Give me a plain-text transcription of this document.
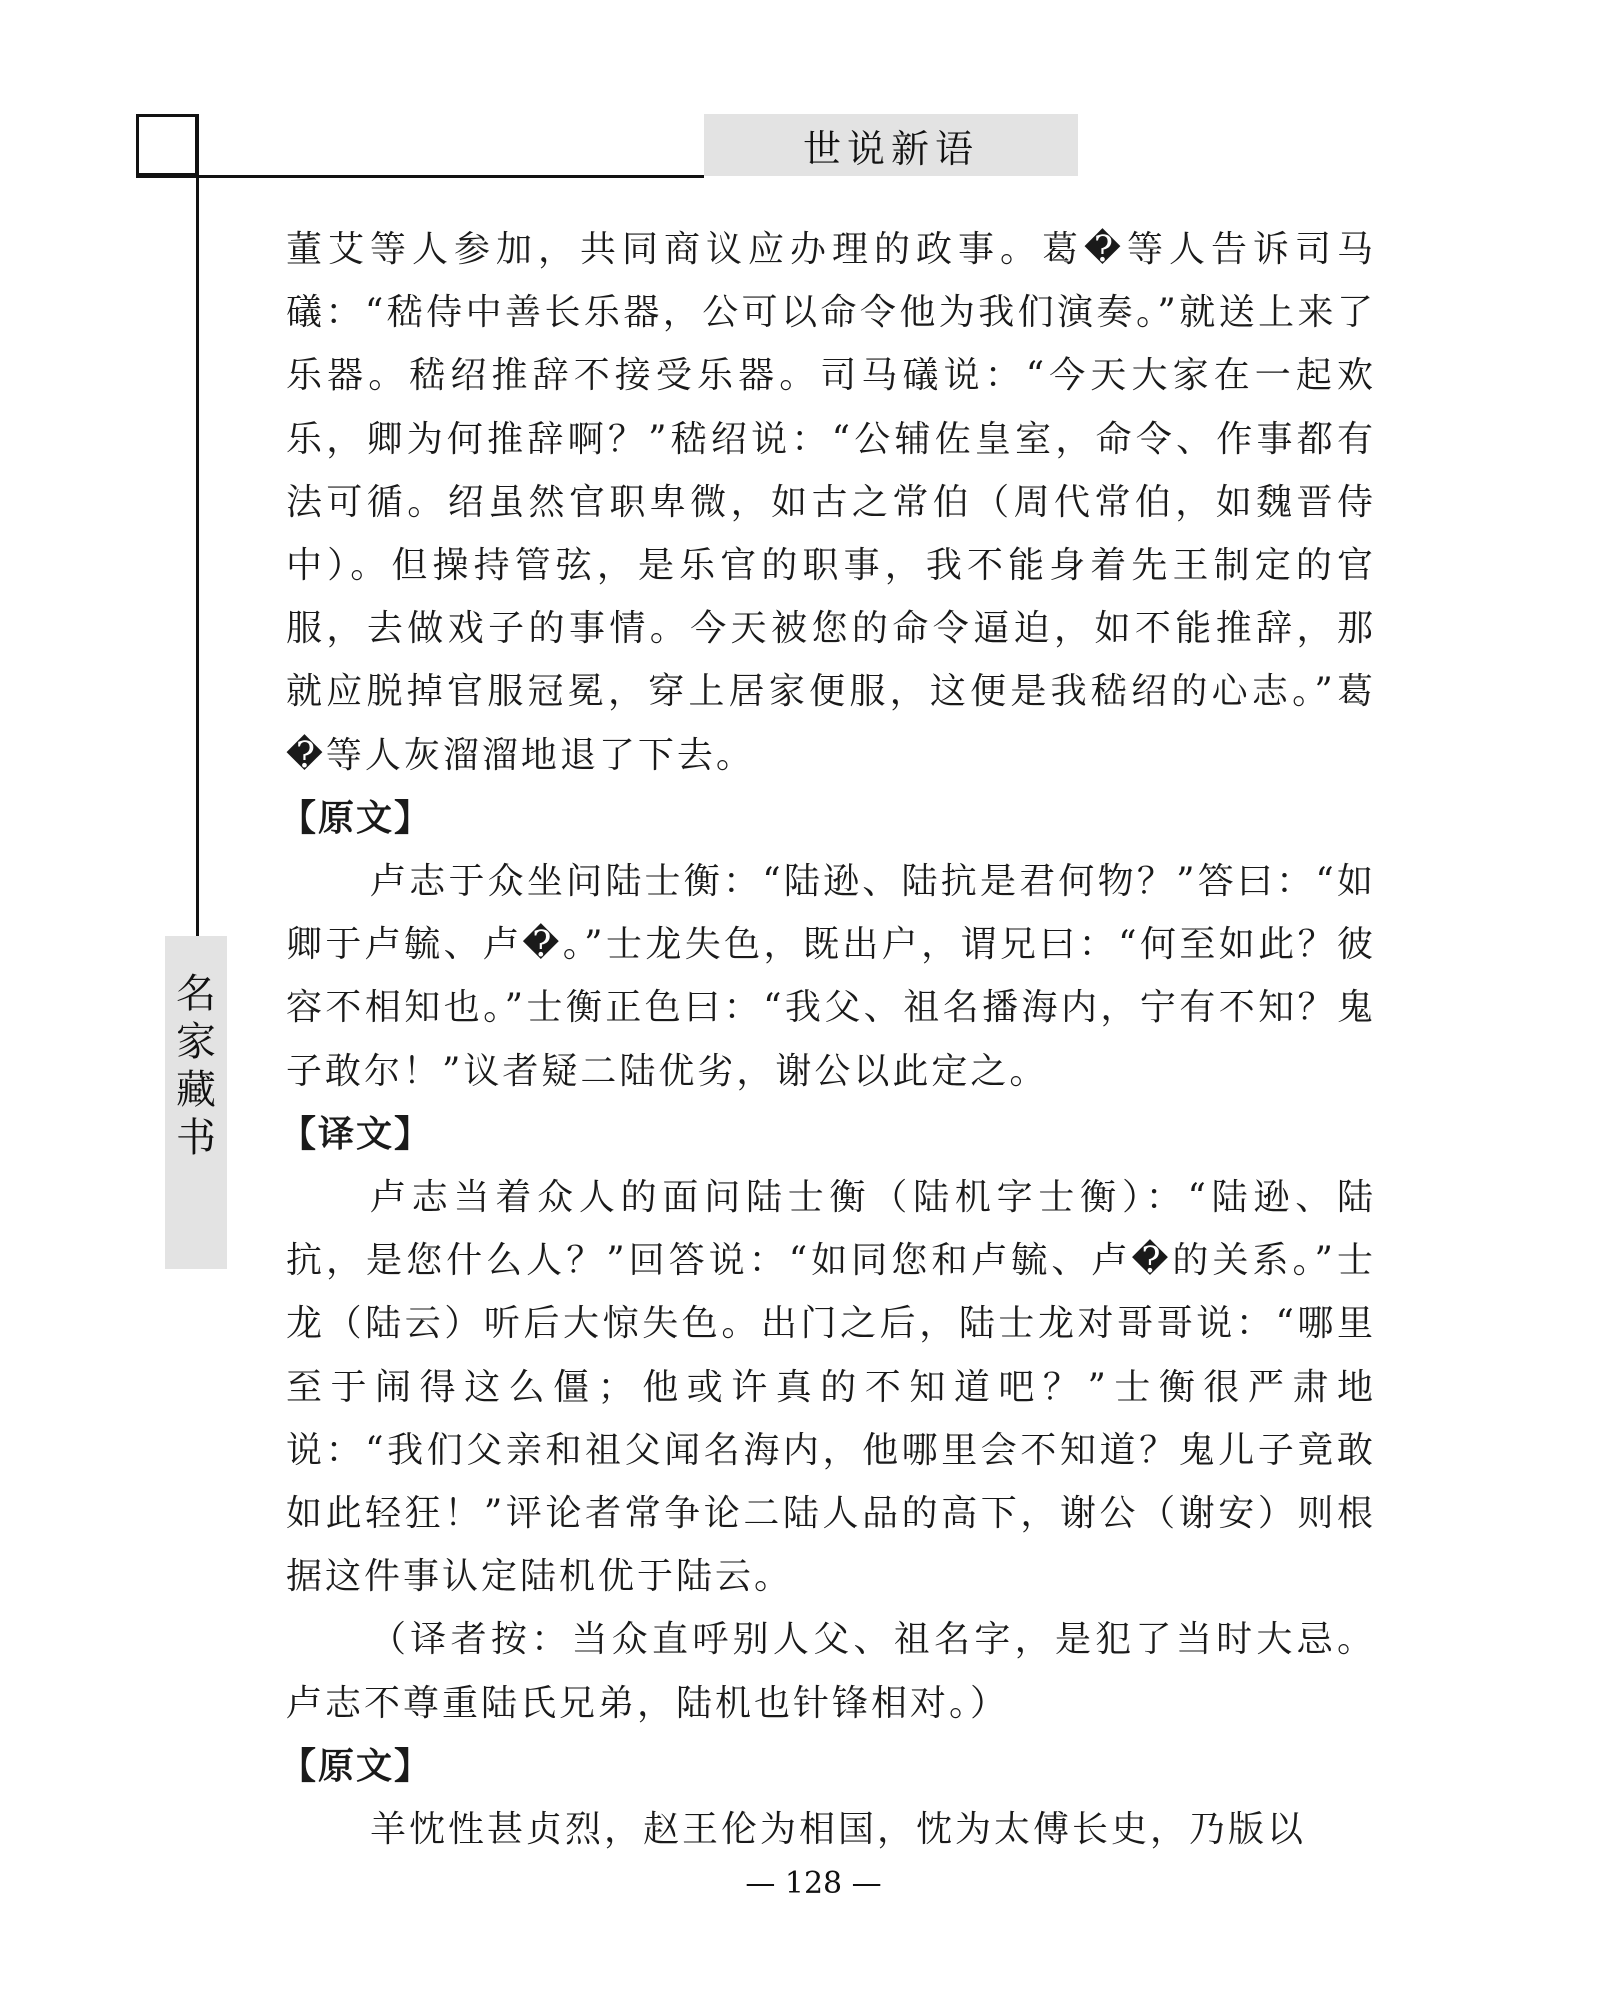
世说新语
名
家
藏
书

董艾等人参加，共同商议应办理的政事。葛�等人告诉司马礒：“嵇侍中善长乐器，公可以命令他为我们演奏。”就送上来了乐器。嵇绍推辞不接受乐器。司马礒说：“今天大家在一起欢乐，卿为何推辞啊？”嵇绍说：“公辅佐皇室，命令、作事都有法可循。绍虽然官职卑微，如古之常伯（周代常伯，如魏晋侍中）。但操持管弦，是乐官的职事，我不能身着先王制定的官服，去做戏子的事情。今天被您的命令逼迫，如不能推辞，那就应脱掉官服冠冕，穿上居家便服，这便是我嵇绍的心志。”葛�等人灰溜溜地退了下去。

【原文】

卢志于众坐问陆士衡：“陆逊、陆抗是君何物？”答曰：“如卿于卢毓、卢�。”士龙失色，既出户，谓兄曰：“何至如此？彼容不相知也。”士衡正色曰：“我父、祖名播海内，宁有不知？鬼子敢尔！”议者疑二陆优劣，谢公以此定之。

【译文】

卢志当着众人的面问陆士衡（陆机字士衡）：“陆逊、陆抗，是您什么人？”回答说：“如同您和卢毓、卢�的关系。”士龙（陆云）听后大惊失色。出门之后，陆士龙对哥哥说：“哪里至于闹得这么僵；他或许真的不知道吧？”士衡很严肃地说：“我们父亲和祖父闻名海内，他哪里会不知道？鬼儿子竟敢如此轻狂！”评论者常争论二陆人品的高下，谢公（谢安）则根据这件事认定陆机优于陆云。

（译者按：当众直呼别人父、祖名字，是犯了当时大忌。卢志不尊重陆氏兄弟，陆机也针锋相对。）

【原文】

羊忱性甚贞烈，赵王伦为相国，忱为太傅长史，乃版以

— 128 —
